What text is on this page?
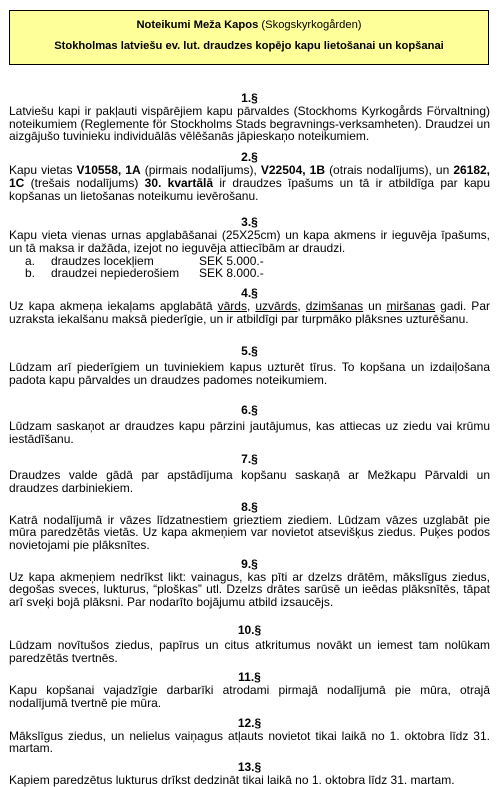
Noteikumi Meža Kapos (Skogskyrkogården)
Stokholmas latviešu ev. lut. draudzes kopējo kapu lietošanai un kopšanai

1.§

Latviešu kapi ir pakļauti vispārējiem kapu pārvaldes (Stockhoms Kyrkogårds Förvaltning) noteikumiem (Reglemente för Stockholms Stads begravnings-verksamheten). Draudzei un aizgājušo tuvinieku individuālās vēlēšanās jāpieskaņo noteikumiem.

2.§

Kapu vietas V10558, 1A (pirmais nodalījums), V22504, 1B (otrais nodalījums), un 26182, 1C (trešais nodalījums) 30. kvartālā ir draudzes īpašums un tā ir atbildīga par kapu kopšanas un lietošanas noteikumu ievērošanu.

3.§

Kapu vieta vienas urnas apglabāšanai (25X25cm) un kapa akmens ir ieguvēja īpašums, un tā maksa ir dažāda, izejot no ieguvēja attiecībām ar draudzi.

a.	draudzes locekļiem	SEK 5.000.-
b.	draudzei nepiederošiem	SEK 8.000.-

4.§

Uz kapa akmeņa iekaļams apglabātā vārds, uzvārds, dzimšanas un miršanas gadi. Par uzraksta iekalšanu maksā piederīgie, un ir atbildīgi par turpmāko plāksnes uzturēšanu.

5.§

Lūdzam arī piederīgiem un tuviniekiem kapus uzturēt tīrus. To kopšana un izdaiļošana padota kapu pārvaldes un draudzes padomes noteikumiem.

6.§

Lūdzam saskaņot ar draudzes kapu pārzini jautājumus, kas attiecas uz ziedu vai krūmu iestādīšanu.

7.§

Draudzes valde gādā par apstādījuma kopšanu saskaņā ar Mežkapu Pārvaldi un draudzes darbiniekiem.

8.§

Katrā nodalījumā ir vāzes līdzatnestiem grieztiem ziediem. Lūdzam vāzes uzglabāt pie mūra paredzētās vietās. Uz kapa akmeņiem var novietot atsevišķus ziedus. Puķes podos novietojami pie plāksnītes.

9.§

Uz kapa akmeņiem nedrīkst likt: vainagus, kas pīti ar dzelzs drātēm, mākslīgus ziedus, degošas sveces, lukturus, “ploškas” utl. Dzelzs drātes sarūsē un ieēdas plāksnītēs, tāpat arī sveķi bojā plāksni. Par nodarīto bojājumu atbild izsaucējs.

10.§

Lūdzam novītušos ziedus, papīrus un citus atkritumus novākt un iemest tam nolūkam paredzētās tvertnēs.

11.§

Kapu kopšanai vajadzīgie darbarīki atrodami pirmajā nodalījumā pie mūra, otrajā nodalījumā tvertnē pie mūra.

12.§

Mākslīgus ziedus, un nelielus vaiņagus atļauts novietot tikai laikā no 1. oktobra līdz 31. martam.

13.§

Kapiem paredzētus lukturus drīkst dedzināt tikai laikā no 1. oktobra līdz 31. martam.
